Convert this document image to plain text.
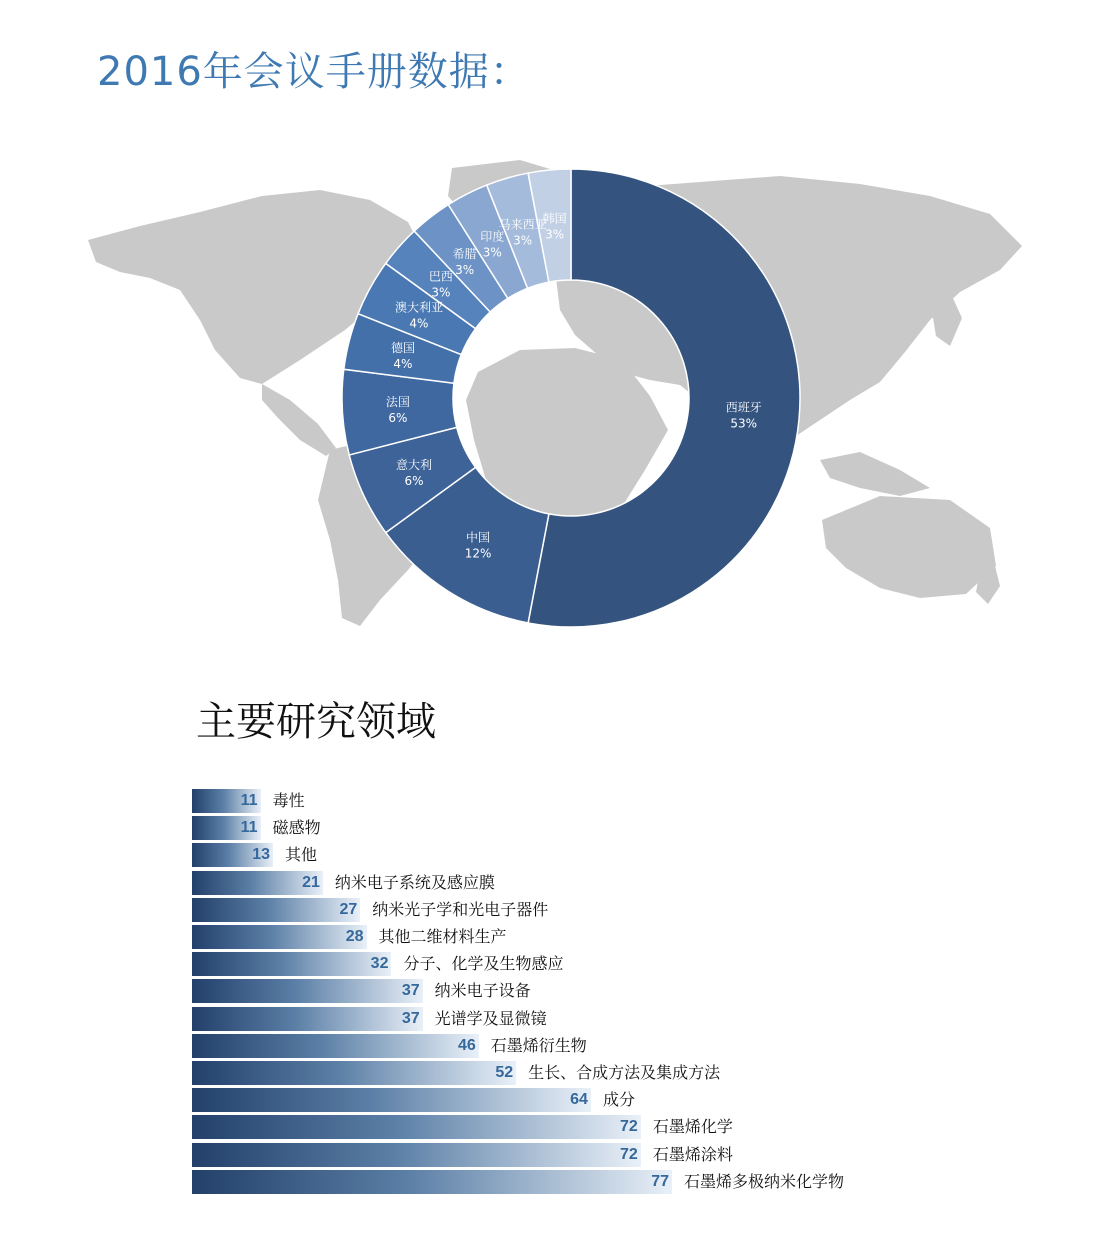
2016年会议手册数据：
西班牙
53%
中国
12%
意大利
6%
法国
6%
德国
4%
澳大利亚
4%
巴西
3%
希腊
3%
印度
3%
马来西亚
3%
韩国
3%
主要研究领域
11 毒性
11 磁感物
13 其他
21 纳米电子系统及感应膜
27 纳米光子学和光电子器件
28 其他二维材料生产
32 分子、化学及生物感应
37 纳米电子设备
37 光谱学及显微镜
46 石墨烯衍生物
52 生长、合成方法及集成方法
64 成分
72 石墨烯化学
72 石墨烯涂料
77 石墨烯多极纳米化学物
